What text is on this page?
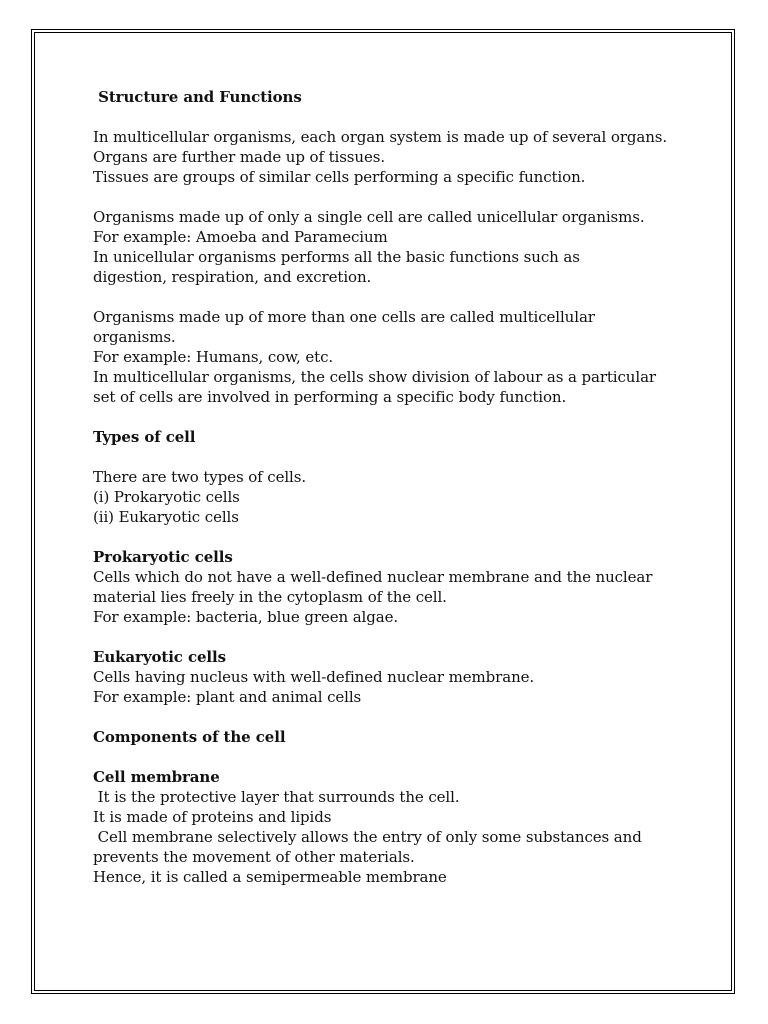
Structure and Functions
In multicellular organisms, each organ system is made up of several organs.
Organs are further made up of tissues.
Tissues are groups of similar cells performing a specific function.
Organisms made up of only a single cell are called unicellular organisms.
For example: Amoeba and Paramecium
In unicellular organisms performs all the basic functions such as
digestion, respiration, and excretion.
Organisms made up of more than one cells are called multicellular
organisms.
For example: Humans, cow, etc.
In multicellular organisms, the cells show division of labour as a particular
set of cells are involved in performing a specific body function.
Types of cell
There are two types of cells.
(i) Prokaryotic cells
(ii) Eukaryotic cells
Prokaryotic cells
Cells which do not have a well-defined nuclear membrane and the nuclear
material lies freely in the cytoplasm of the cell.
For example: bacteria, blue green algae.
Eukaryotic cells
Cells having nucleus with well-defined nuclear membrane.
For example: plant and animal cells
Components of the cell
Cell membrane
It is the protective layer that surrounds the cell.
It is made of proteins and lipids
Cell membrane selectively allows the entry of only some substances and
prevents the movement of other materials.
Hence, it is called a semipermeable membrane
